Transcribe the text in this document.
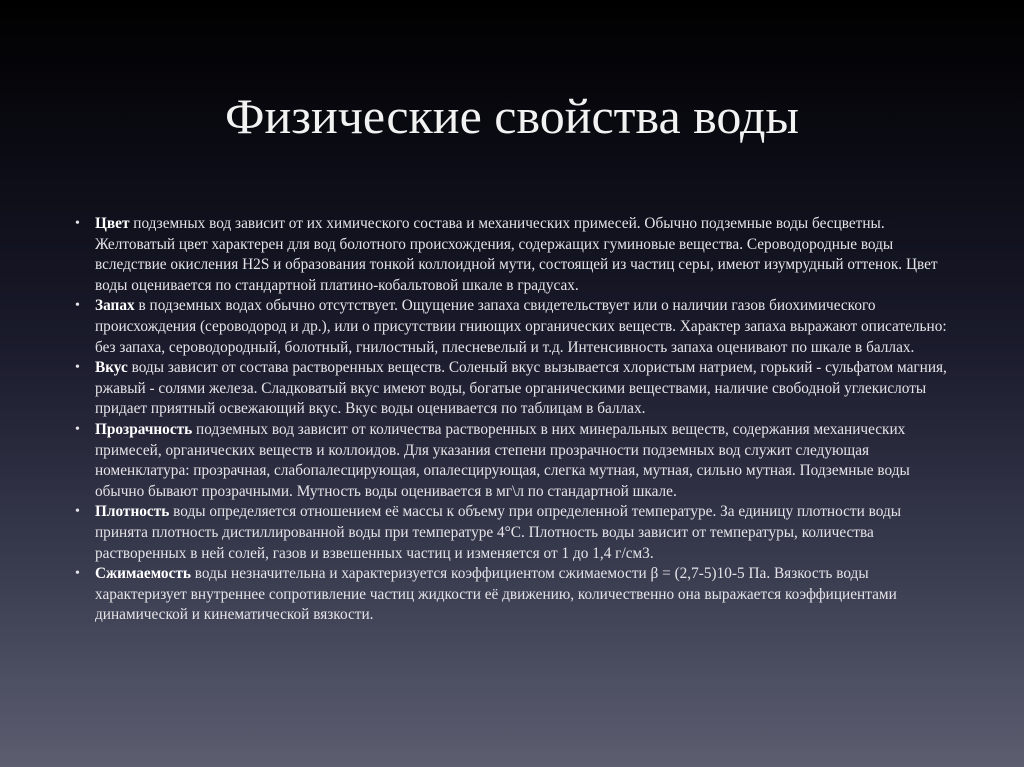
Физические свойства воды
• Цвет подземных вод зависит от их химического состава и механических примесей. Обычно подземные воды бесцветны. Желтоватый цвет характерен для вод болотного происхождения, содержащих гуминовые вещества. Сероводородные воды вследствие окисления H2S и образования тонкой коллоидной мути, состоящей из частиц серы, имеют изумрудный оттенок. Цвет воды оценивается по стандартной платино-кобальтовой шкале в градусах.
• Запах в подземных водах обычно отсутствует. Ощущение запаха свидетельствует или о наличии газов биохимического происхождения (сероводород и др.), или о присутствии гниющих органических веществ. Характер запаха выражают описательно: без запаха, сероводородный, болотный, гнилостный, плесневелый и т.д. Интенсивность запаха оценивают по шкале в баллах.
• Вкус воды зависит от состава растворенных веществ. Соленый вкус вызывается хлористым натрием, горький - сульфатом магния, ржавый - солями железа. Сладковатый вкус имеют воды, богатые органическими веществами, наличие свободной углекислоты придает приятный освежающий вкус. Вкус воды оценивается по таблицам в баллах.
• Прозрачность подземных вод зависит от количества растворенных в них минеральных веществ, содержания механических примесей, органических веществ и коллоидов. Для указания степени прозрачности подземных вод служит следующая номенклатура: прозрачная, слабопалесцирующая, опалесцирующая, слегка мутная, мутная, сильно мутная. Подземные воды обычно бывают прозрачными. Мутность воды оценивается в мг\л по стандартной шкале.
• Плотность воды определяется отношением её массы к объему при определенной температуре. За единицу плотности воды принята плотность дистиллированной воды при температуре 4°С. Плотность воды зависит от температуры, количества растворенных в ней солей, газов и взвешенных частиц и изменяется от 1 до 1,4 г/см3.
• Сжимаемость воды незначительна и характеризуется коэффициентом сжимаемости β = (2,7-5)10-5 Па. Вязкость воды характеризует внутреннее сопротивление частиц жидкости её движению, количественно она выражается коэффициентами динамической и кинематической вязкости.
